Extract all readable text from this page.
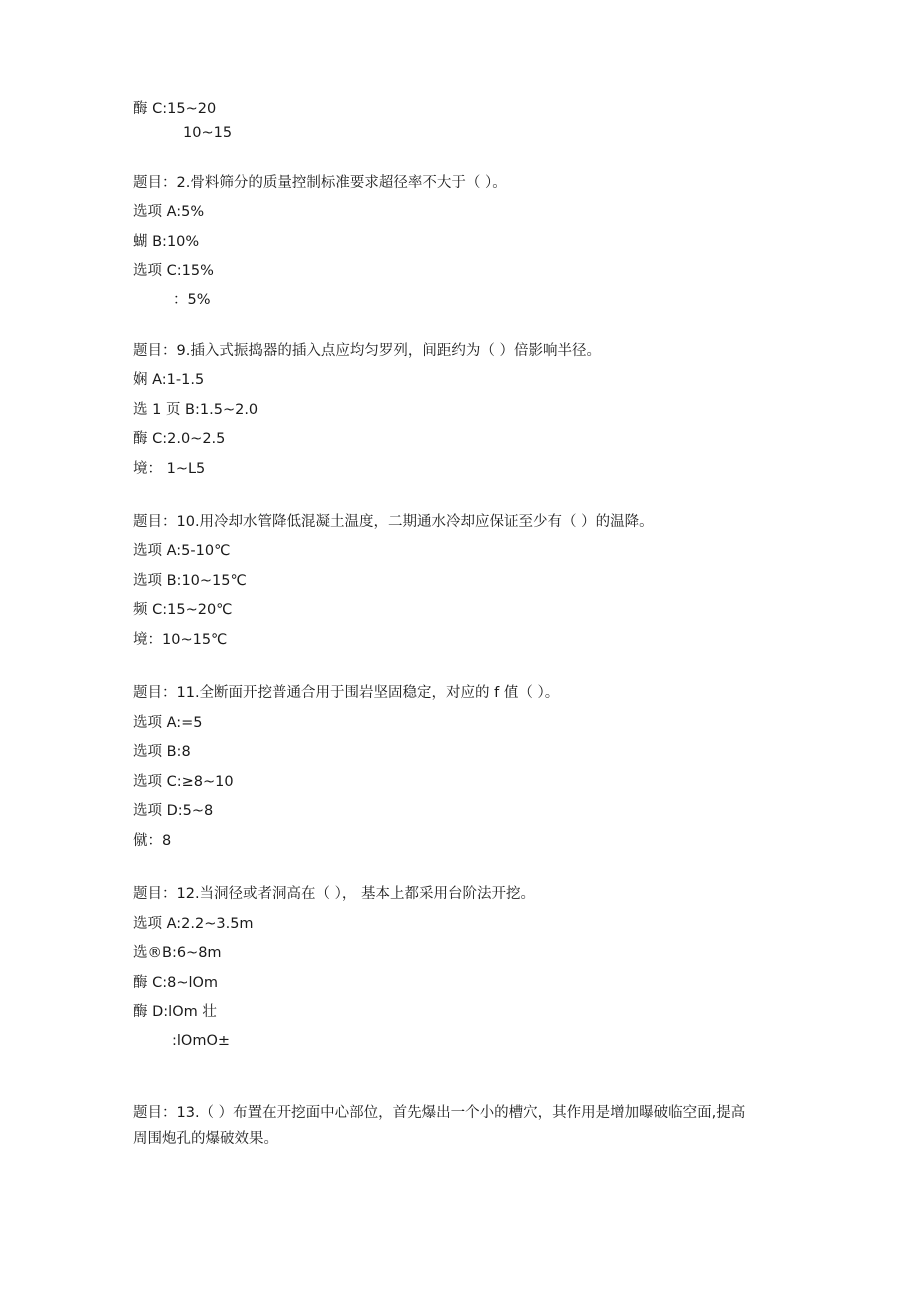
酶 C:15~20
10~15
题目：2.骨料筛分的质量控制标准要求超径率不大于（ ）。
选项 A:5%
蝴 B:10%
选项 C:15%
：5%
题目：9.插入式振捣器的插入点应均匀罗列，间距约为（ ）倍影响半径。
娴 A:1-1.5
选 1 页 B:1.5~2.0
酶 C:2.0~2.5
境： 1~L5
题目：10.用冷却水管降低混凝土温度，二期通水冷却应保证至少有（ ）的温降。
选项 A:5-10℃
选项 B:10~15℃
频 C:15~20℃
境：10~15℃
题目：11.全断面开挖普通合用于围岩坚固稳定，对应的 f 值（ ）。
选项 A:=5
选项 B:8
选项 C:≥8~10
选项 D:5~8
僦：8
题目：12.当洞径或者洞高在（ ）， 基本上都采用台阶法开挖。
选项 A:2.2~3.5m
选®B:6~8m
酶 C:8~lOm
酶 D:lOm 壮
:lOmO±
题目：13.（ ）布置在开挖面中心部位，首先爆出一个小的槽穴，其作用是增加曝破临空面,提高
周围炮孔的爆破效果。
